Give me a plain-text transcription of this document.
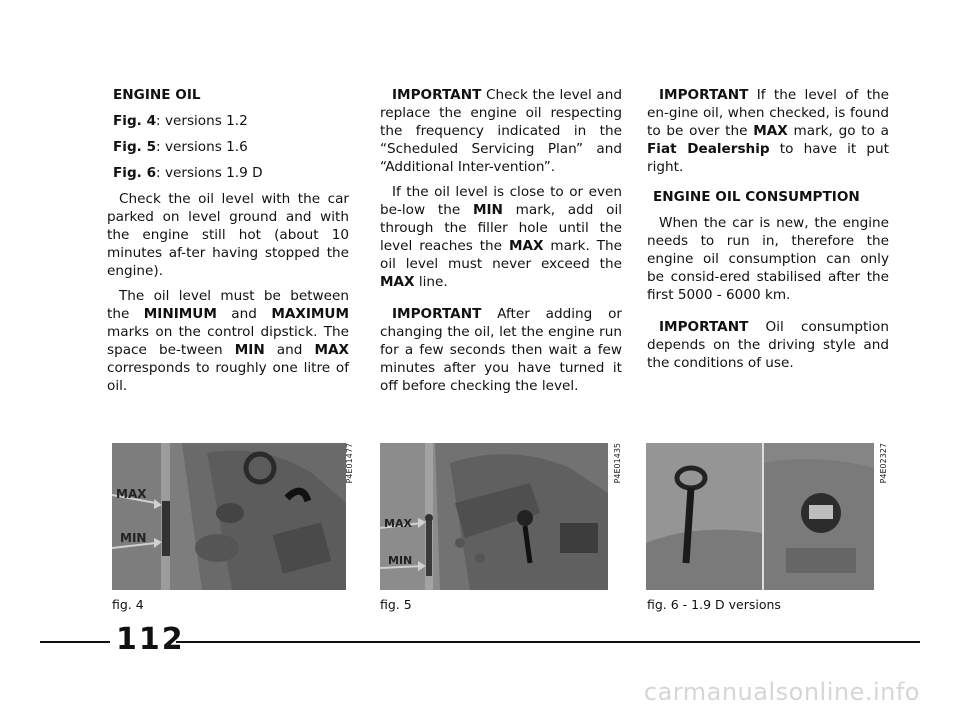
ENGINE OIL

Fig. 4: versions 1.2

Fig. 5: versions 1.6

Fig. 6: versions 1.9 D

Check the oil level with the car parked on level ground and with the engine still hot (about 10 minutes af-ter having stopped the engine).

The oil level must be between the MINIMUM and MAXIMUM marks on the control dipstick. The space be-tween MIN and MAX corresponds to roughly one litre of oil.

IMPORTANT Check the level and replace the engine oil respecting the frequency indicated in the “Scheduled Servicing Plan” and “Additional Inter-vention”.

If the oil level is close to or even be-low the MIN mark, add oil through the filler hole until the level reaches the MAX mark. The oil level must never exceed the MAX line.

IMPORTANT After adding or changing the oil, let the engine run for a few seconds then wait a few minutes after you have turned it off before checking the level.

IMPORTANT If the level of the en-gine oil, when checked, is found to be over the MAX mark, go to a Fiat Dealership to have it put right.

ENGINE OIL CONSUMPTION

When the car is new, the engine needs to run in, therefore the engine oil consumption can only be consid-ered stabilised after the first 5000 - 6000 km.

IMPORTANT Oil consumption depends on the driving style and the conditions of use.

MAX
MIN
P4E01477
fig. 4
MAX
MIN
P4E01435
fig. 5
P4E02327
fig. 6 - 1.9 D versions
112
carmanualsonline.info
